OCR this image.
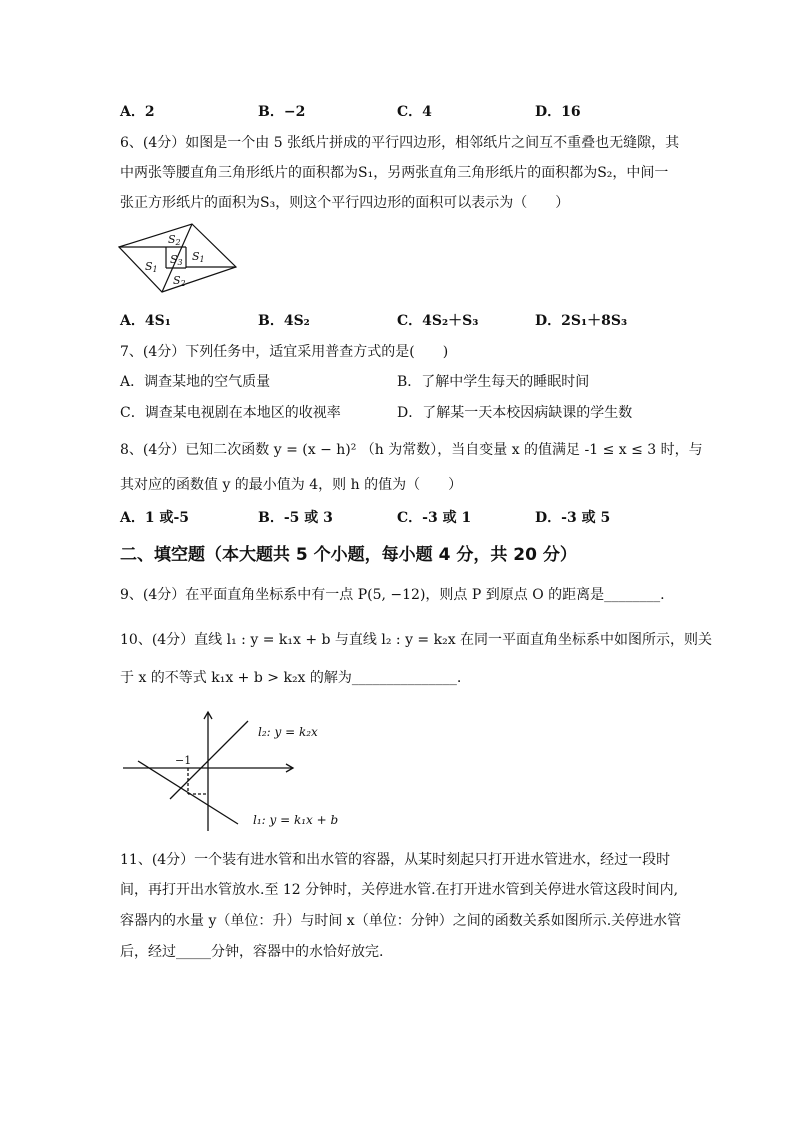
A．2	B．−2	C．4	D．16
6、(4分）如图是一个由 5 张纸片拼成的平行四边形，相邻纸片之间互不重叠也无缝隙，其
中两张等腰直角三角形纸片的面积都为S₁，另两张直角三角形纸片的面积都为S₂，中间一
张正方形纸片的面积为S₃，则这个平行四边形的面积可以表示为（　　）
S2
S3 S1
S1
S2
A．4S₁	B．4S₂	C．4S₂＋S₃	D．2S₁＋8S₃
7、(4分）下列任务中，适宜采用普查方式的是(　　)
A．调查某地的空气质量	B．了解中学生每天的睡眠时间
C．调查某电视剧在本地区的收视率	D．了解某一天本校因病缺课的学生数
8、(4分）已知二次函数 y = (x − h)² （h 为常数），当自变量 x 的值满足 -1 ≤ x ≤ 3 时，与
其对应的函数值 y 的最小值为 4，则 h 的值为（　　）
A．1 或-5	B．-5 或 3	C．-3 或 1	D．-3 或 5
二、填空题（本大题共 5 个小题，每小题 4 分，共 20 分）
9、(4分）在平面直角坐标系中有一点 P(5, −12)，则点 P 到原点 O 的距离是________.
10、(4分）直线 l₁ : y = k₁x + b 与直线 l₂ : y = k₂x 在同一平面直角坐标系中如图所示，则关
于 x 的不等式 k₁x + b > k₂x 的解为_______________.
−1
l₂: y = k₂x
l₁: y = k₁x + b
11、(4分）一个装有进水管和出水管的容器，从某时刻起只打开进水管进水，经过一段时
间，再打开出水管放水.至 12 分钟时，关停进水管.在打开进水管到关停进水管这段时间内,
容器内的水量 y（单位：升）与时间 x（单位：分钟）之间的函数关系如图所示.关停进水管
后，经过_____分钟，容器中的水恰好放完.
